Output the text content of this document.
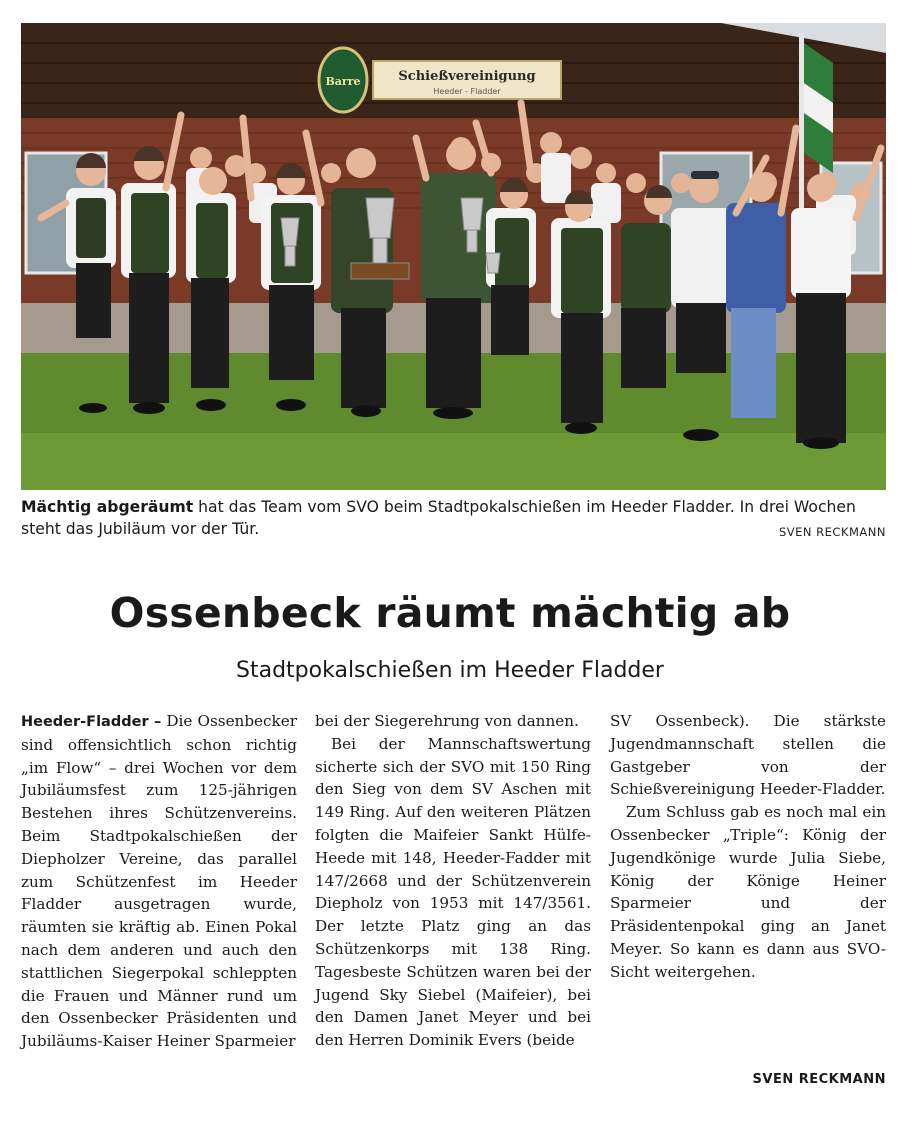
Barre	Schießvereinigung
Heeder - Fladder
Mächtig abgeräumt hat das Team vom SVO beim Stadtpokalschießen im Heeder Fladder. In drei Wochen steht das Jubiläum vor der Tür.	SVEN RECKMANN
Ossenbeck räumt mächtig ab
Stadtpokalschießen im Heeder Fladder

Heeder-Fladder – Die Ossenbecker sind offensichtlich schon richtig „im Flow“ – drei Wochen vor dem Jubiläumsfest zum 125-jährigen Bestehen ihres Schützenvereins. Beim Stadtpokalschießen der Diepholzer Vereine, das parallel zum Schützenfest im Heeder Fladder ausgetragen wurde, räumten sie kräftig ab. Einen Pokal nach dem anderen und auch den stattlichen Siegerpokal schleppten die Frauen und Männer rund um den Ossenbecker Präsidenten und Jubiläums-Kaiser Heiner Sparmeier

bei der Siegerehrung von dannen.

Bei der Mannschaftswertung sicherte sich der SVO mit 150 Ring den Sieg von dem SV Aschen mit 149 Ring. Auf den weiteren Plätzen folgten die Maifeier Sankt Hülfe-Heede mit 148, Heeder-Fadder mit 147/2668 und der Schützenverein Diepholz von 1953 mit 147/3561. Der letzte Platz ging an das Schützenkorps mit 138 Ring. Tagesbeste Schützen waren bei der Jugend Sky Siebel (Maifeier), bei den Damen Janet Meyer und bei den Herren Dominik Evers (beide

SV Ossenbeck). Die stärkste Jugendmannschaft stellen die Gastgeber von der Schießvereinigung Heeder-Fladder.

Zum Schluss gab es noch mal ein Ossenbecker „Triple“: König der Jugendkönige wurde Julia Siebe, König der Könige Heiner Sparmeier und der Präsidentenpokal ging an Janet Meyer. So kann es dann aus SVO-Sicht weitergehen.

SVEN RECKMANN
